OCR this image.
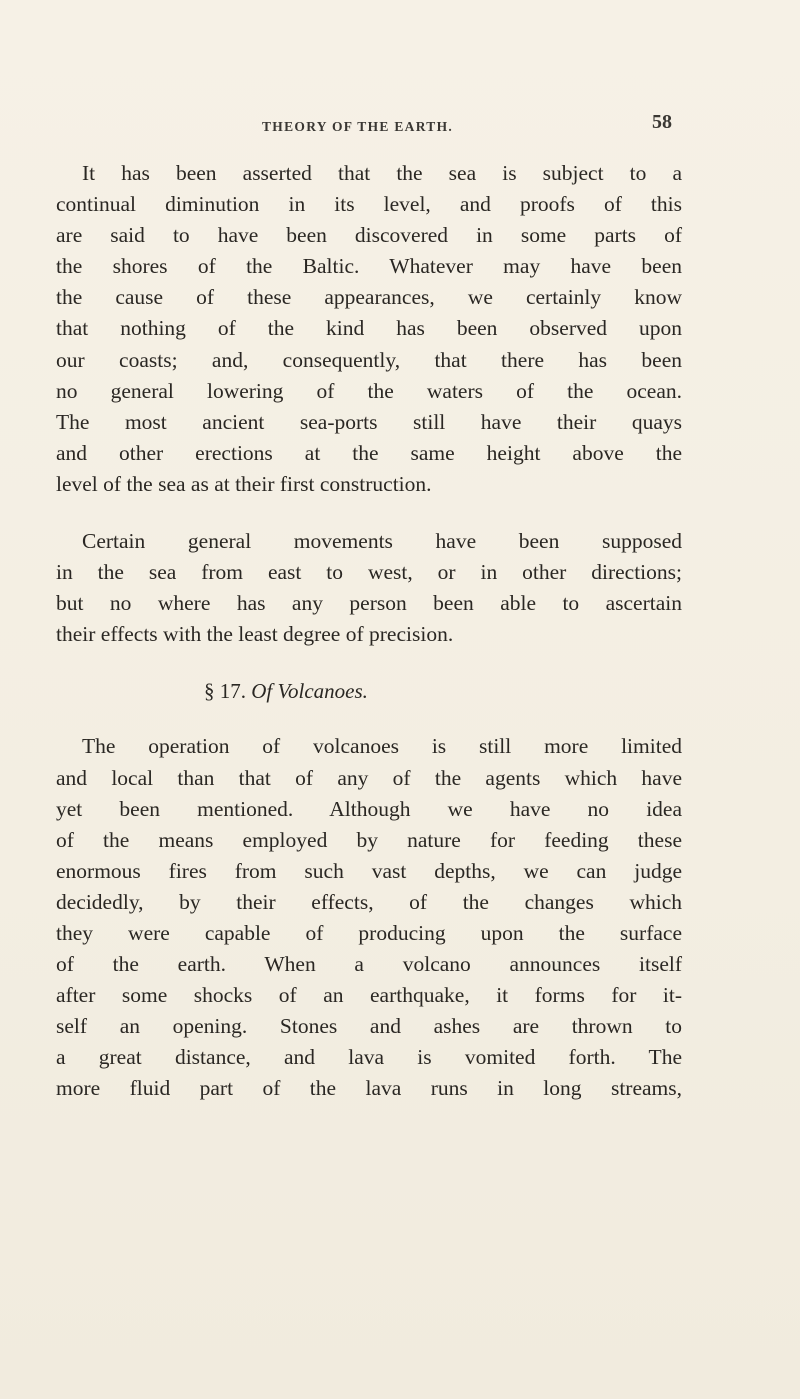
THEORY OF THE EARTH.	58

It has been asserted that the sea is subject to a
continual diminution in its level, and proofs of this
are said to have been discovered in some parts of
the shores of the Baltic. Whatever may have been
the cause of these appearances, we certainly know
that nothing of the kind has been observed upon
our coasts; and, consequently, that there has been
no general lowering of the waters of the ocean.
The most ancient sea-ports still have their quays
and other erections at the same height above the
level of the sea as at their first construction.

Certain general movements have been supposed
in the sea from east to west, or in other directions;
but no where has any person been able to ascertain
their effects with the least degree of precision.

§ 17. Of Volcanoes.

The operation of volcanoes is still more limited
and local than that of any of the agents which have
yet been mentioned. Although we have no idea
of the means employed by nature for feeding these
enormous fires from such vast depths, we can judge
decidedly, by their effects, of the changes which
they were capable of producing upon the surface
of the earth. When a volcano announces itself
after some shocks of an earthquake, it forms for it-
self an opening. Stones and ashes are thrown to
a great distance, and lava is vomited forth. The
more fluid part of the lava runs in long streams,
